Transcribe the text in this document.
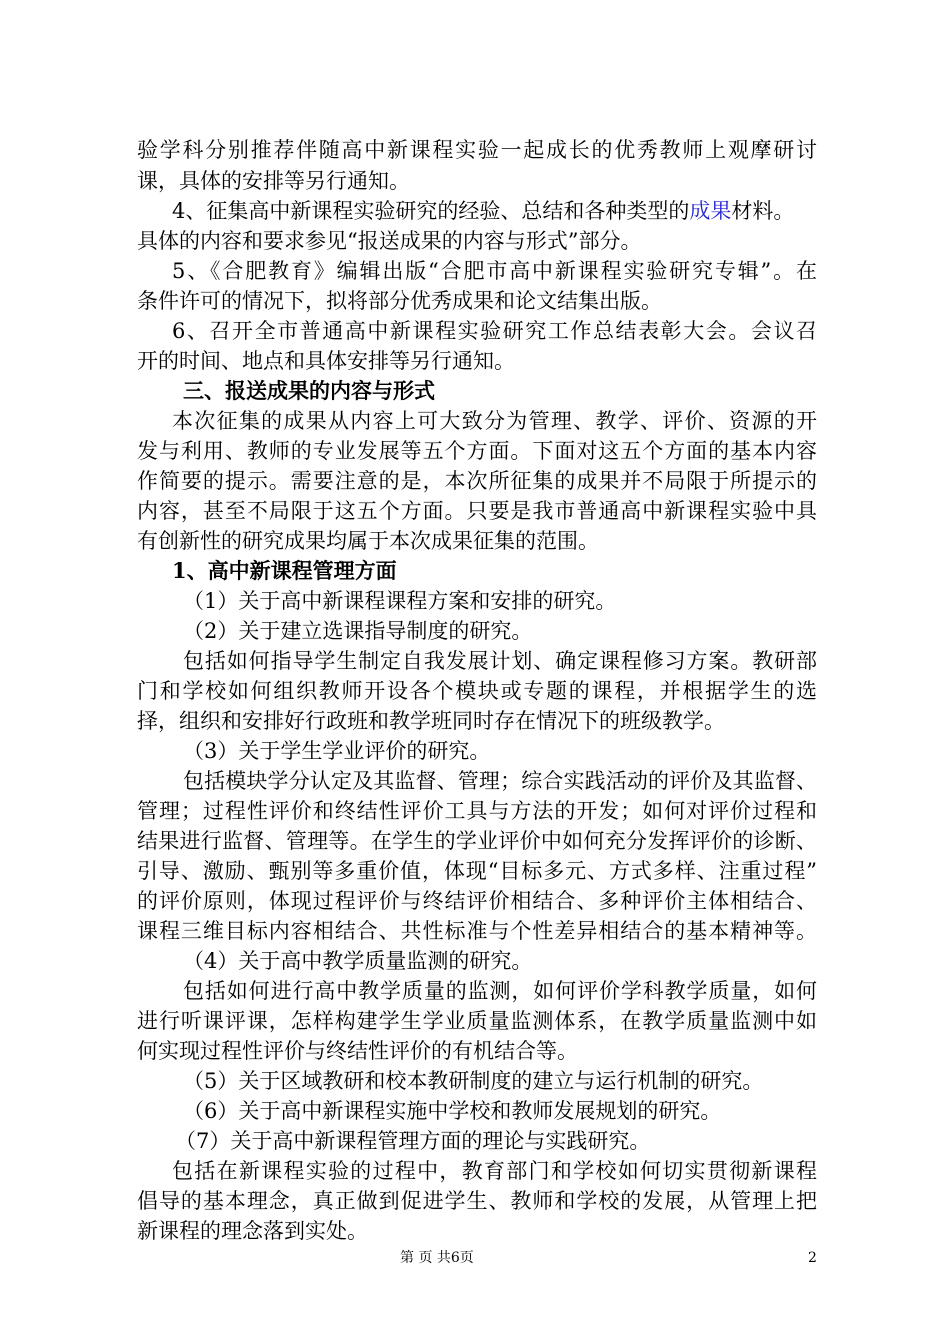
验学科分别推荐伴随高中新课程实验一起成长的优秀教师上观摩研讨
课，具体的安排等另行通知。
4、征集高中新课程实验研究的经验、总结和各种类型的成果材料。
具体的内容和要求参见“报送成果的内容与形式”部分。
5、《合肥教育》编辑出版“合肥市高中新课程实验研究专辑”。在
条件许可的情况下，拟将部分优秀成果和论文结集出版。
6、召开全市普通高中新课程实验研究工作总结表彰大会。会议召
开的时间、地点和具体安排等另行通知。
三、报送成果的内容与形式
本次征集的成果从内容上可大致分为管理、教学、评价、资源的开
发与利用、教师的专业发展等五个方面。下面对这五个方面的基本内容
作简要的提示。需要注意的是，本次所征集的成果并不局限于所提示的
内容，甚至不局限于这五个方面。只要是我市普通高中新课程实验中具
有创新性的研究成果均属于本次成果征集的范围。
1、高中新课程管理方面
（1）关于高中新课程课程方案和安排的研究。
（2）关于建立选课指导制度的研究。
包括如何指导学生制定自我发展计划、确定课程修习方案。教研部
门和学校如何组织教师开设各个模块或专题的课程，并根据学生的选
择，组织和安排好行政班和教学班同时存在情况下的班级教学。
（3）关于学生学业评价的研究。
包括模块学分认定及其监督、管理；综合实践活动的评价及其监督、
管理；过程性评价和终结性评价工具与方法的开发；如何对评价过程和
结果进行监督、管理等。在学生的学业评价中如何充分发挥评价的诊断、
引导、激励、甄别等多重价值，体现“目标多元、方式多样、注重过程”
的评价原则，体现过程评价与终结评价相结合、多种评价主体相结合、
课程三维目标内容相结合、共性标准与个性差异相结合的基本精神等。
（4）关于高中教学质量监测的研究。
包括如何进行高中教学质量的监测，如何评价学科教学质量，如何
进行听课评课，怎样构建学生学业质量监测体系，在教学质量监测中如
何实现过程性评价与终结性评价的有机结合等。
（5）关于区域教研和校本教研制度的建立与运行机制的研究。
（6）关于高中新课程实施中学校和教师发展规划的研究。
（7）关于高中新课程管理方面的理论与实践研究。
包括在新课程实验的过程中，教育部门和学校如何切实贯彻新课程
倡导的基本理念，真正做到促进学生、教师和学校的发展，从管理上把
新课程的理念落到实处。
第 页 共6页	2
